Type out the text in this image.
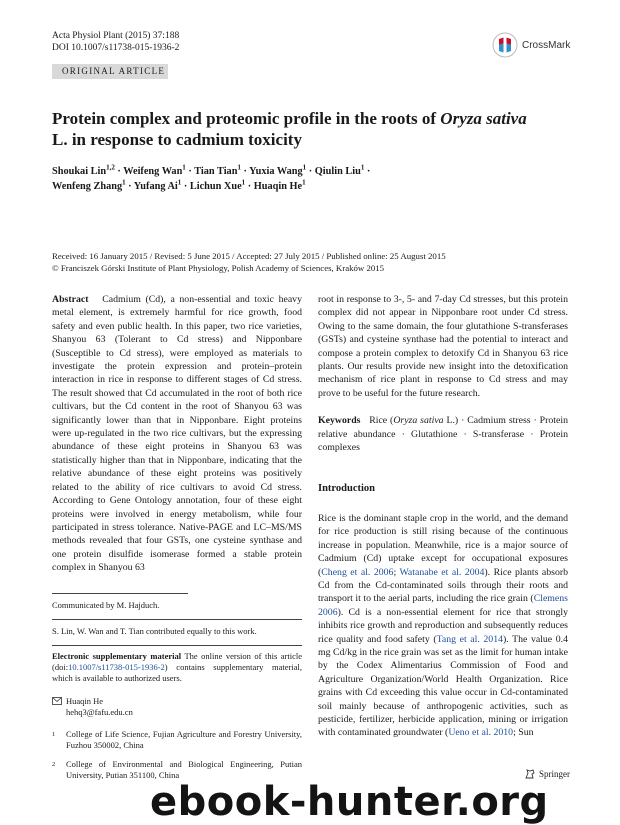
Acta Physiol Plant (2015) 37:188
DOI 10.1007/s11738-015-1936-2	CrossMark
ORIGINAL ARTICLE
Protein complex and proteomic profile in the roots of Oryza sativa
L. in response to cadmium toxicity
Shoukai Lin$^{1,2}$ · Weifeng Wan$^1$ · Tian Tian$^1$ · Yuxia Wang$^1$ · Qiulin Liu$^1$ ·
Wenfeng Zhang$^1$ · Yufang $Ai^1$ · Lichun Xue$^1$ · Huaqin He$^1$
Received: 16 January 2015 / Revised: 5 June 2015 / Accepted: 27 July 2015 / Published online: 25 August 2015
© Franciszek Górski Institute of Plant Physiology, Polish Academy of Sciences, Kraków 2015
Abstract Cadmium (Cd), a non-essential and toxic heavy metal element, is extremely harmful for rice growth, food safety and even public health. In this paper, two rice varieties, Shanyou 63 (Tolerant to Cd stress) and Nipponbare (Susceptible to Cd stress), were employed as materials to investigate the protein expression and protein–protein interaction in rice in response to different stages of Cd stress. The result showed that Cd accumulated in the root of both rice cultivars, but the Cd content in the root of Shanyou 63 was significantly lower than that in Nipponbare. Eight proteins were up-regulated in the two rice cultivars, but the expressing abundance of these eight proteins in Shanyou 63 was statistically higher than that in Nipponbare, indicating that the relative abundance of these eight proteins was positively related to the ability of rice cultivars to avoid Cd stress. According to Gene Ontology annotation, four of these eight proteins were involved in energy metabolism, while four participated in stress tolerance. Native-PAGE and LC–MS/MS methods revealed that four GSTs, one cysteine synthase and one protein disulfide isomerase formed a stable protein complex in Shanyou 63
Communicated by M. Hajduch.
S. Lin, W. Wan and T. Tian contributed equally to this work.
Electronic supplementary material The online version of this article (doi:10.1007/s11738-015-1936-2) contains supplementary material, which is available to authorized users.
Huaqin He
hehq3@fafu.edu.cn
1 College of Life Science, Fujian Agriculture and Forestry University, Fuzhou 350002, China
2 College of Environmental and Biological Engineering, Putian University, Putian 351100, China
root in response to 3-, 5- and 7-day Cd stresses, but this protein complex did not appear in Nipponbare root under Cd stress. Owing to the same domain, the four glutathione S-transferases (GSTs) and cysteine synthase had the potential to interact and compose a protein complex to detoxify Cd in Shanyou 63 rice plants. Our results provide new insight into the detoxification mechanism of rice plant in response to Cd stress and may prove to be useful for the future research.
Keywords Rice (Oryza sativa L.) · Cadmium stress · Protein relative abundance · Glutathione · S-transferase · Protein complexes
Introduction
Rice is the dominant staple crop in the world, and the demand for rice production is still rising because of the continuous increase in population. Meanwhile, rice is a major source of Cadmium (Cd) uptake except for occupational exposures (Cheng et al. 2006; Watanabe et al. 2004). Rice plants absorb Cd from the Cd-contaminated soils through their roots and transport it to the aerial parts, including the rice grain (Clemens 2006). Cd is a non-essential element for rice that strongly inhibits rice growth and reproduction and subsequently reduces rice quality and food safety (Tang et al. 2014). The value 0.4 mg Cd/kg in the rice grain was set as the limit for human intake by the Codex Alimentarius Commission of Food and Agriculture Organization/World Health Organization. Rice grains with Cd exceeding this value occur in Cd-contaminated soil mainly because of anthropogenic activities, such as pesticide, fertilizer, herbicide application, mining or irrigation with contaminated groundwater (Ueno et al. 2010; Sun
Springer
ebook-hunter.org
